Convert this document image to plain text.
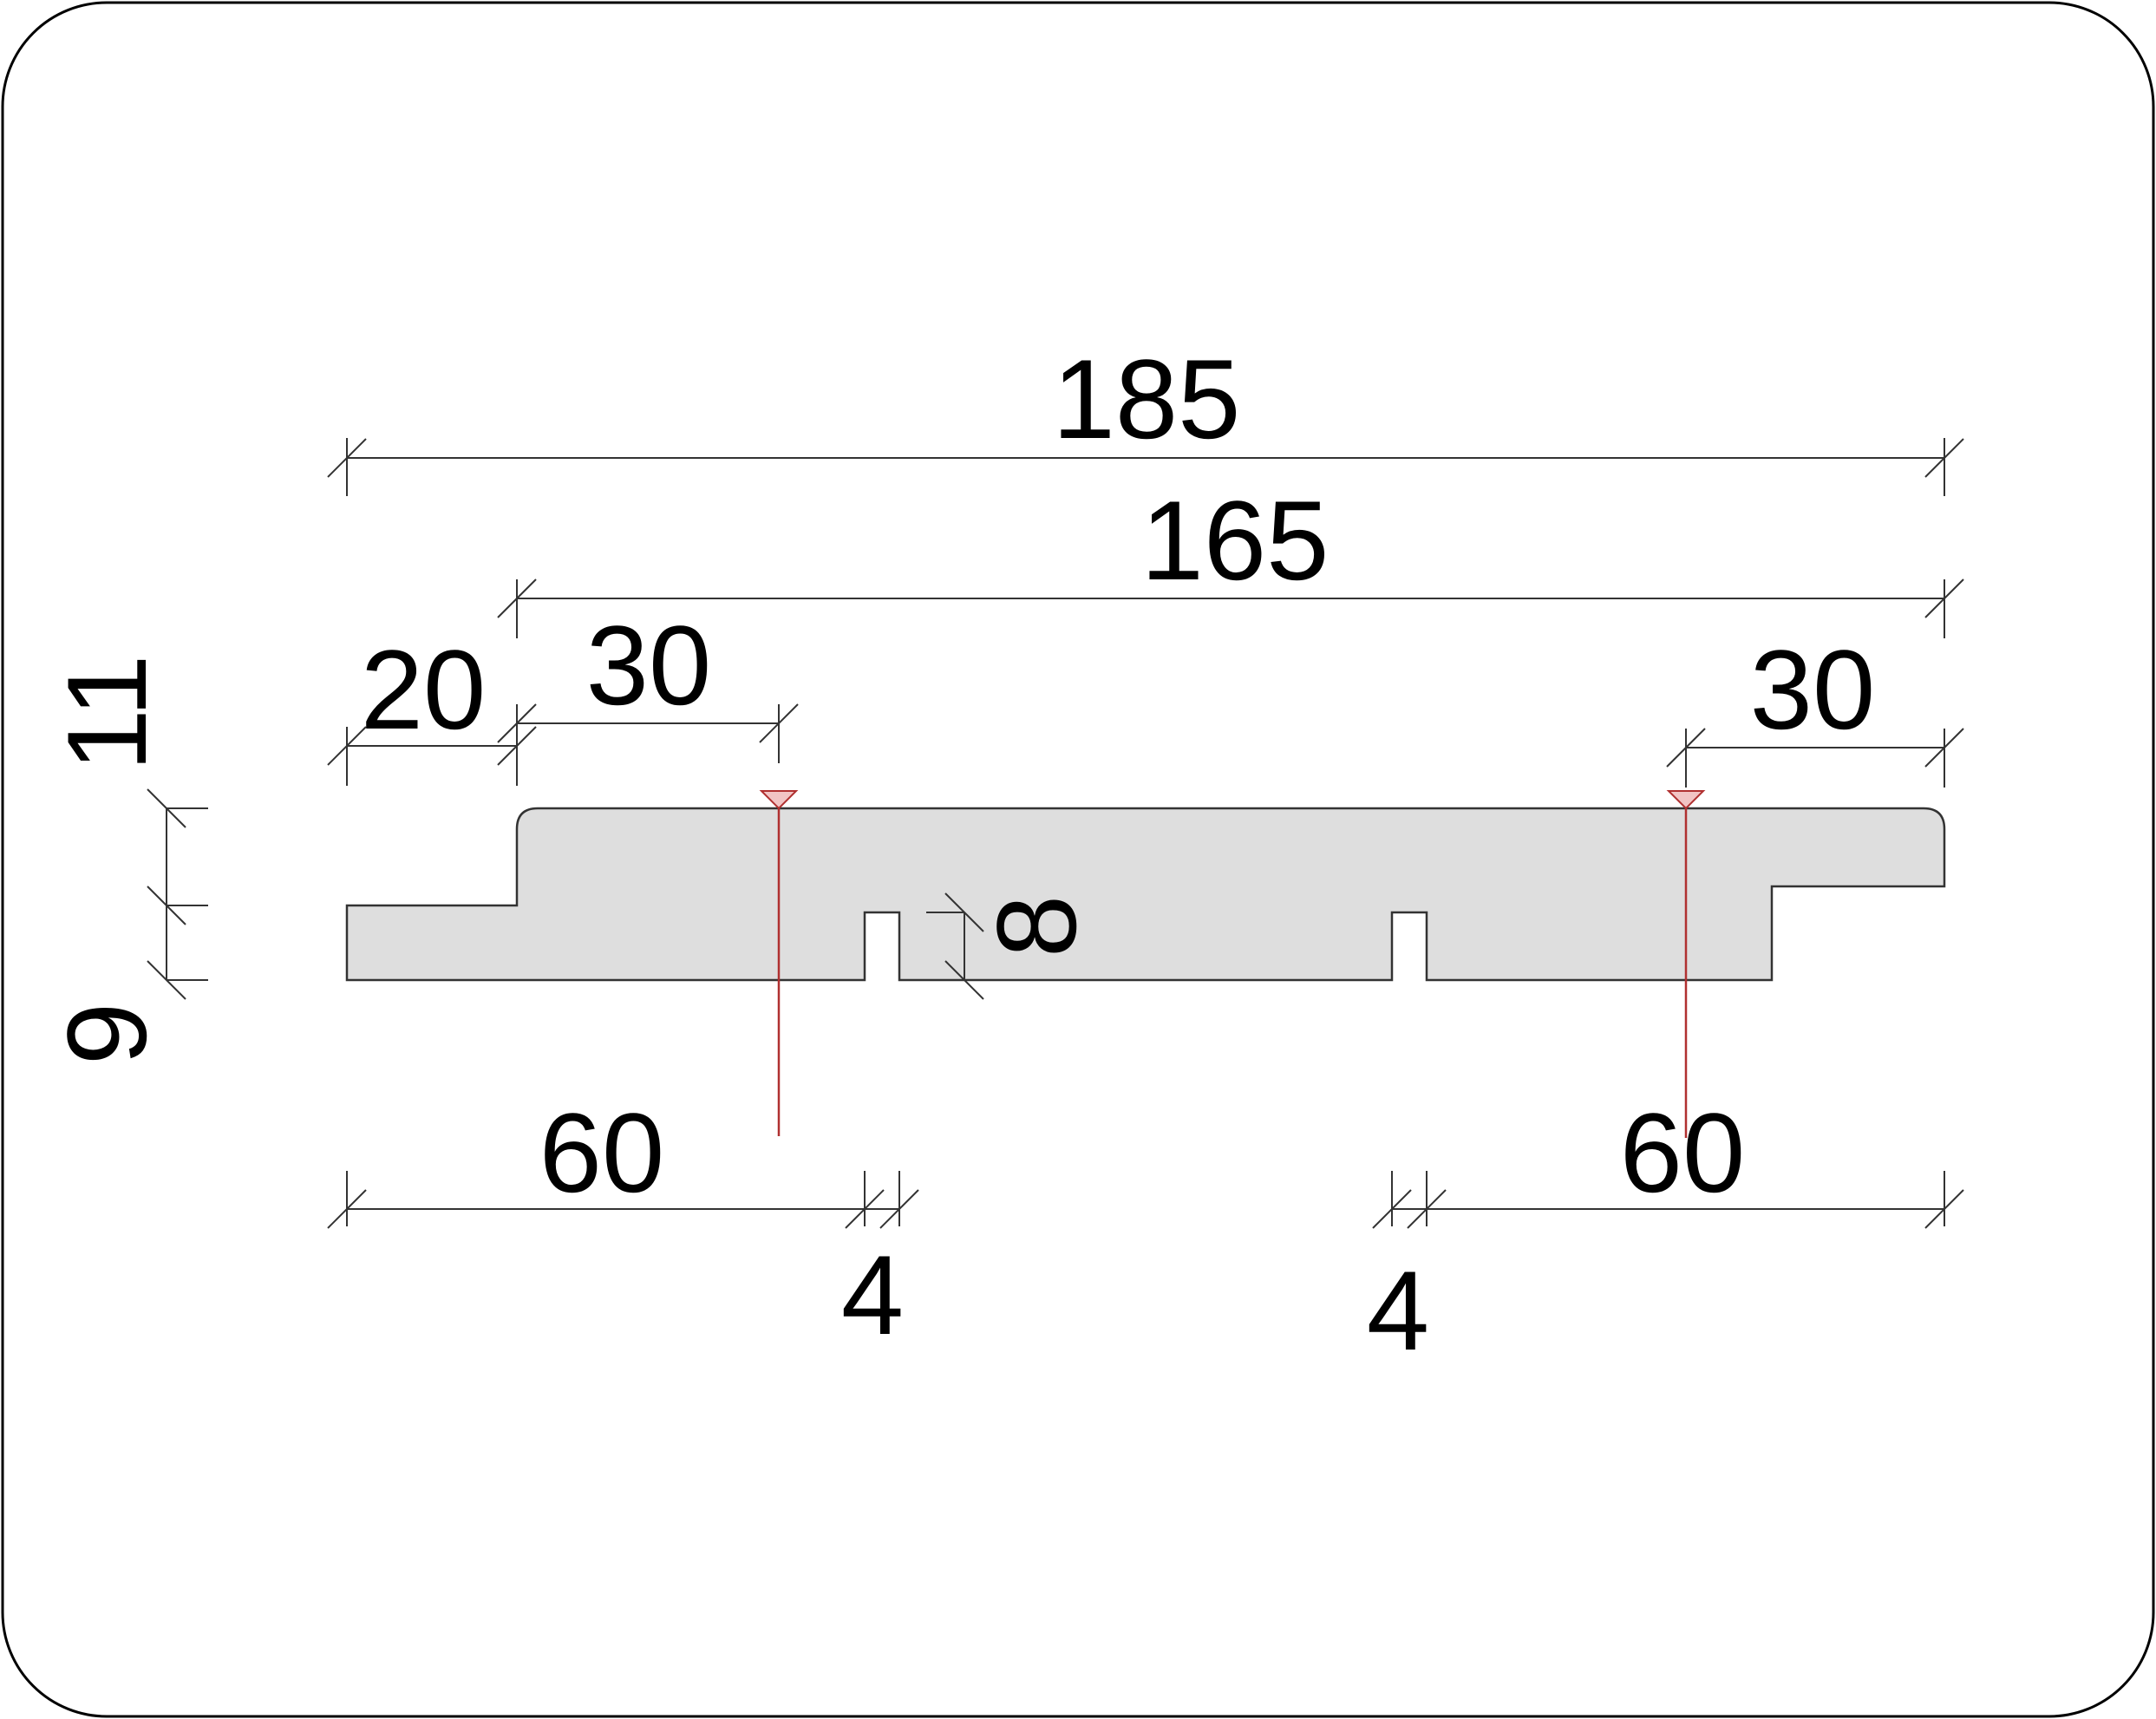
185
165
20 30	30
11
9
8
60
4
60
4
